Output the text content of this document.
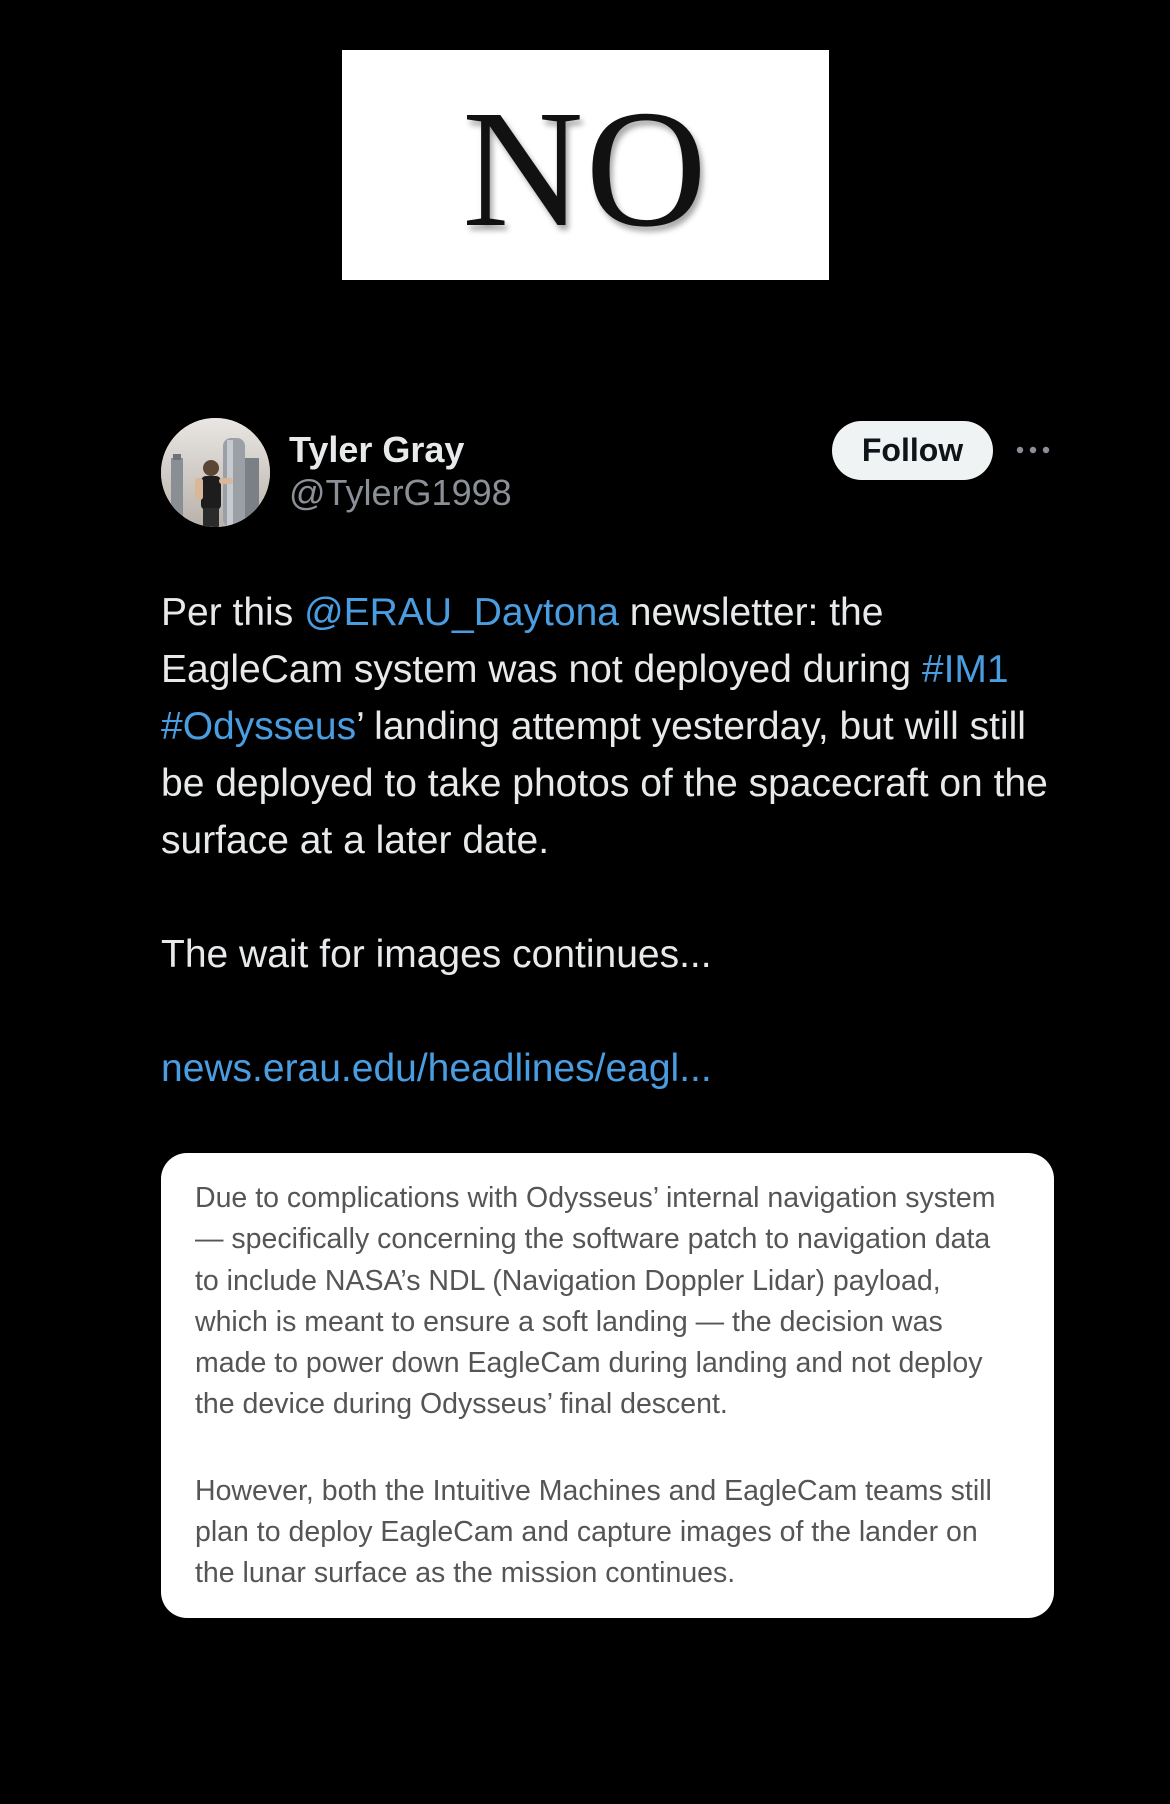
NO
Tyler Gray
@TylerG1998
Follow

Per this @ERAU_Daytona newsletter: the EagleCam system was not deployed during #IM1 #Odysseus’ landing attempt yesterday, but will still be deployed to take photos of the spacecraft on the surface at a later date.

The wait for images continues...

news.erau.edu/headlines/eagl...

Due to complications with Odysseus’ internal navigation system — specifically concerning the software patch to navigation data to include NASA’s NDL (Navigation Doppler Lidar) payload, which is meant to ensure a soft landing — the decision was made to power down EagleCam during landing and not deploy the device during Odysseus’ final descent.

However, both the Intuitive Machines and EagleCam teams still plan to deploy EagleCam and capture images of the lander on the lunar surface as the mission continues.
